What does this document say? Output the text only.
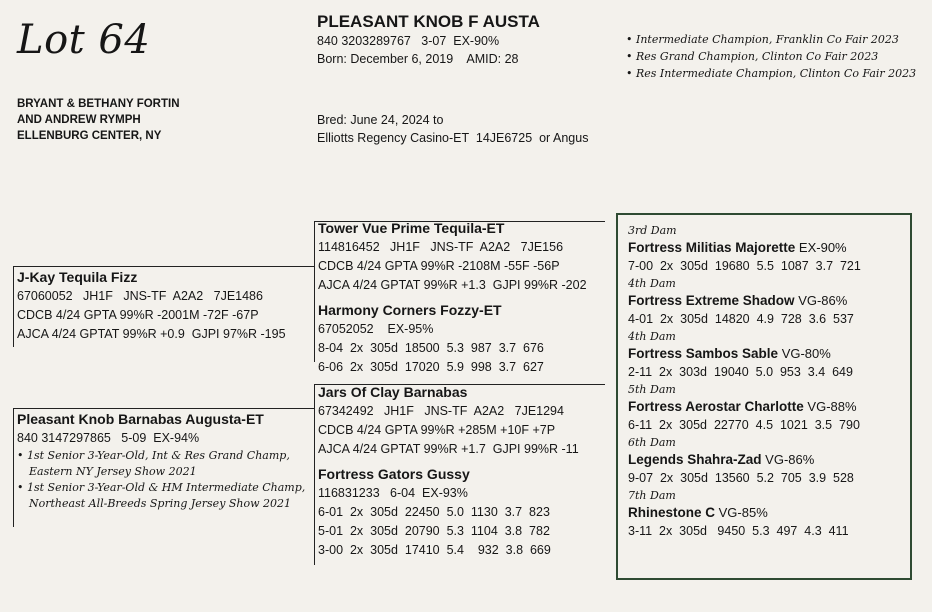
Lot 64
BRYANT & BETHANY FORTIN
AND ANDREW RYMPH
ELLENBURG CENTER, NY
PLEASANT KNOB F AUSTA
840 3203289767   3-07  EX-90%
Born: December 6, 2019    AMID: 28
Bred: June 24, 2024 to
Elliotts Regency Casino-ET  14JE6725  or Angus
• Intermediate Champion, Franklin Co Fair 2023
• Res Grand Champion, Clinton Co Fair 2023
• Res Intermediate Champion, Clinton Co Fair 2023
J-Kay Tequila Fizz
67060052   JH1F   JNS-TF  A2A2   7JE1486
CDCB 4/24 GPTA 99%R -2001M -72F -67P
AJCA 4/24 GPTAT 99%R +0.9  GJPI 97%R -195
Pleasant Knob Barnabas Augusta-ET
840 3147297865   5-09  EX-94%

• 1st Senior 3-Year-Old, Int & Res Grand Champ, Eastern NY Jersey Show 2021

• 1st Senior 3-Year-Old & HM Intermediate Champ, Northeast All-Breeds Spring Jersey Show 2021

Tower Vue Prime Tequila-ET
114816452   JH1F   JNS-TF  A2A2   7JE156
CDCB 4/24 GPTA 99%R -2108M -55F -56P
AJCA 4/24 GPTAT 99%R +1.3  GJPI 99%R -202
Harmony Corners Fozzy-ET
67052052    EX-95%
8-04  2x  305d  18500  5.3  987  3.7  676
6-06  2x  305d  17020  5.9  998  3.7  627
Jars Of Clay Barnabas
67342492   JH1F   JNS-TF  A2A2   7JE1294
CDCB 4/24 GPTA 99%R +285M +10F +7P
AJCA 4/24 GPTAT 99%R +1.7  GJPI 99%R -11
Fortress Gators Gussy
116831233   6-04  EX-93%
6-01  2x  305d  22450  5.0  1130  3.7  823
5-01  2x  305d  20790  5.3  1104  3.8  782
3-00  2x  305d  17410  5.4    932  3.8  669
3rd Dam
Fortress Militias Majorette EX-90%
7-00  2x  305d  19680  5.5  1087  3.7  721
4th Dam
Fortress Extreme Shadow VG-86%
4-01  2x  305d  14820  4.9  728  3.6  537
4th Dam
Fortress Sambos Sable VG-80%
2-11  2x  303d  19040  5.0  953  3.4  649
5th Dam
Fortress Aerostar Charlotte VG-88%
6-11  2x  305d  22770  4.5  1021  3.5  790
6th Dam
Legends Shahra-Zad VG-86%
9-07  2x  305d  13560  5.2  705  3.9  528
7th Dam
Rhinestone C VG-85%
3-11  2x  305d   9450  5.3  497  4.3  411
